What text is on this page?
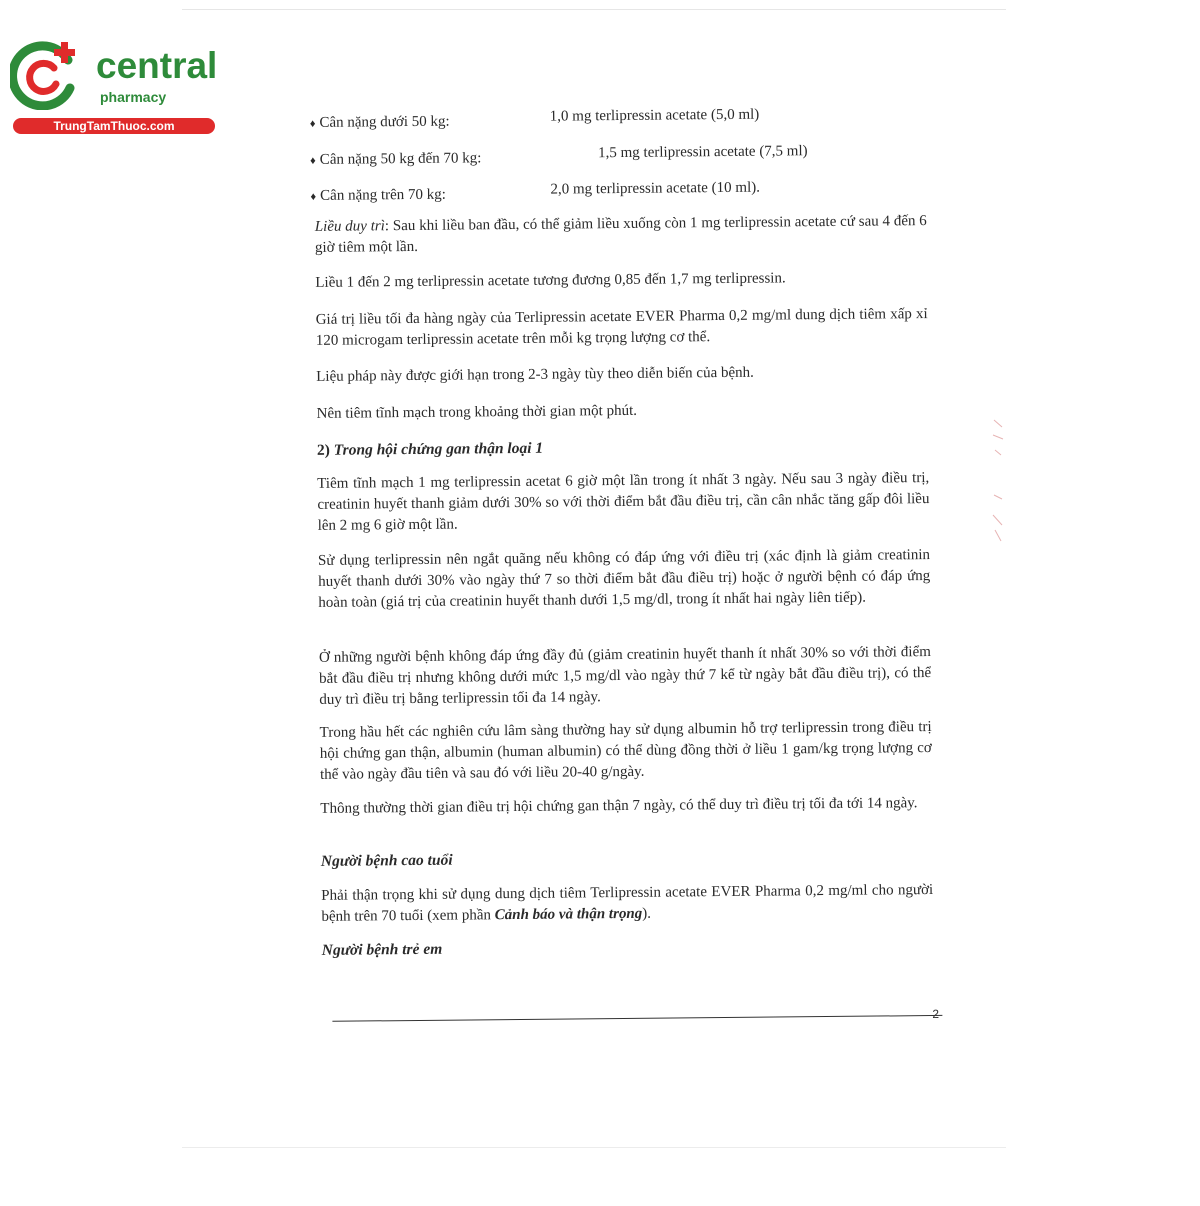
central
pharmacy
TrungTamThuoc.com	♦ Cân nặng dưới 50 kg:	1,0 mg terlipressin acetate (5,0 ml)
♦ Cân nặng 50 kg đến 70 kg:	1,5 mg terlipressin acetate (7,5 ml)
♦ Cân nặng trên 70 kg:	2,0 mg terlipressin acetate (10 ml).
Liều duy trì: Sau khi liều ban đầu, có thể giảm liều xuống còn 1 mg terlipressin acetate cứ sau 4 đến 6 giờ tiêm một lần.
Liều 1 đến 2 mg terlipressin acetate tương đương 0,85 đến 1,7 mg terlipressin.
Giá trị liều tối đa hàng ngày của Terlipressin acetate EVER Pharma 0,2 mg/ml dung dịch tiêm xấp xỉ 120 microgam terlipressin acetate trên mỗi kg trọng lượng cơ thể.
Liệu pháp này được giới hạn trong 2-3 ngày tùy theo diễn biến của bệnh.
Nên tiêm tĩnh mạch trong khoảng thời gian một phút.
2) Trong hội chứng gan thận loại 1
Tiêm tĩnh mạch 1 mg terlipressin acetat 6 giờ một lần trong ít nhất 3 ngày. Nếu sau 3 ngày điều trị, creatinin huyết thanh giảm dưới 30% so với thời điểm bắt đầu điều trị, cần cân nhắc tăng gấp đôi liều lên 2 mg 6 giờ một lần.
Sử dụng terlipressin nên ngắt quãng nếu không có đáp ứng với điều trị (xác định là giảm creatinin huyết thanh dưới 30% vào ngày thứ 7 so thời điểm bắt đầu điều trị) hoặc ở người bệnh có đáp ứng hoàn toàn (giá trị của creatinin huyết thanh dưới 1,5 mg/dl, trong ít nhất hai ngày liên tiếp).
Ở những người bệnh không đáp ứng đầy đủ (giảm creatinin huyết thanh ít nhất 30% so với thời điểm bắt đầu điều trị nhưng không dưới mức 1,5 mg/dl vào ngày thứ 7 kể từ ngày bắt đầu điều trị), có thể duy trì điều trị bằng terlipressin tối đa 14 ngày.
Trong hầu hết các nghiên cứu lâm sàng thường hay sử dụng albumin hỗ trợ terlipressin trong điều trị hội chứng gan thận, albumin (human albumin) có thể dùng đồng thời ở liều 1 gam/kg trọng lượng cơ thể vào ngày đầu tiên và sau đó với liều 20-40 g/ngày.
Thông thường thời gian điều trị hội chứng gan thận 7 ngày, có thể duy trì điều trị tối đa tới 14 ngày.
Người bệnh cao tuổi
Phải thận trọng khi sử dụng dung dịch tiêm Terlipressin acetate EVER Pharma 0,2 mg/ml cho người bệnh trên 70 tuổi (xem phần Cảnh báo và thận trọng).
Người bệnh trẻ em
2
